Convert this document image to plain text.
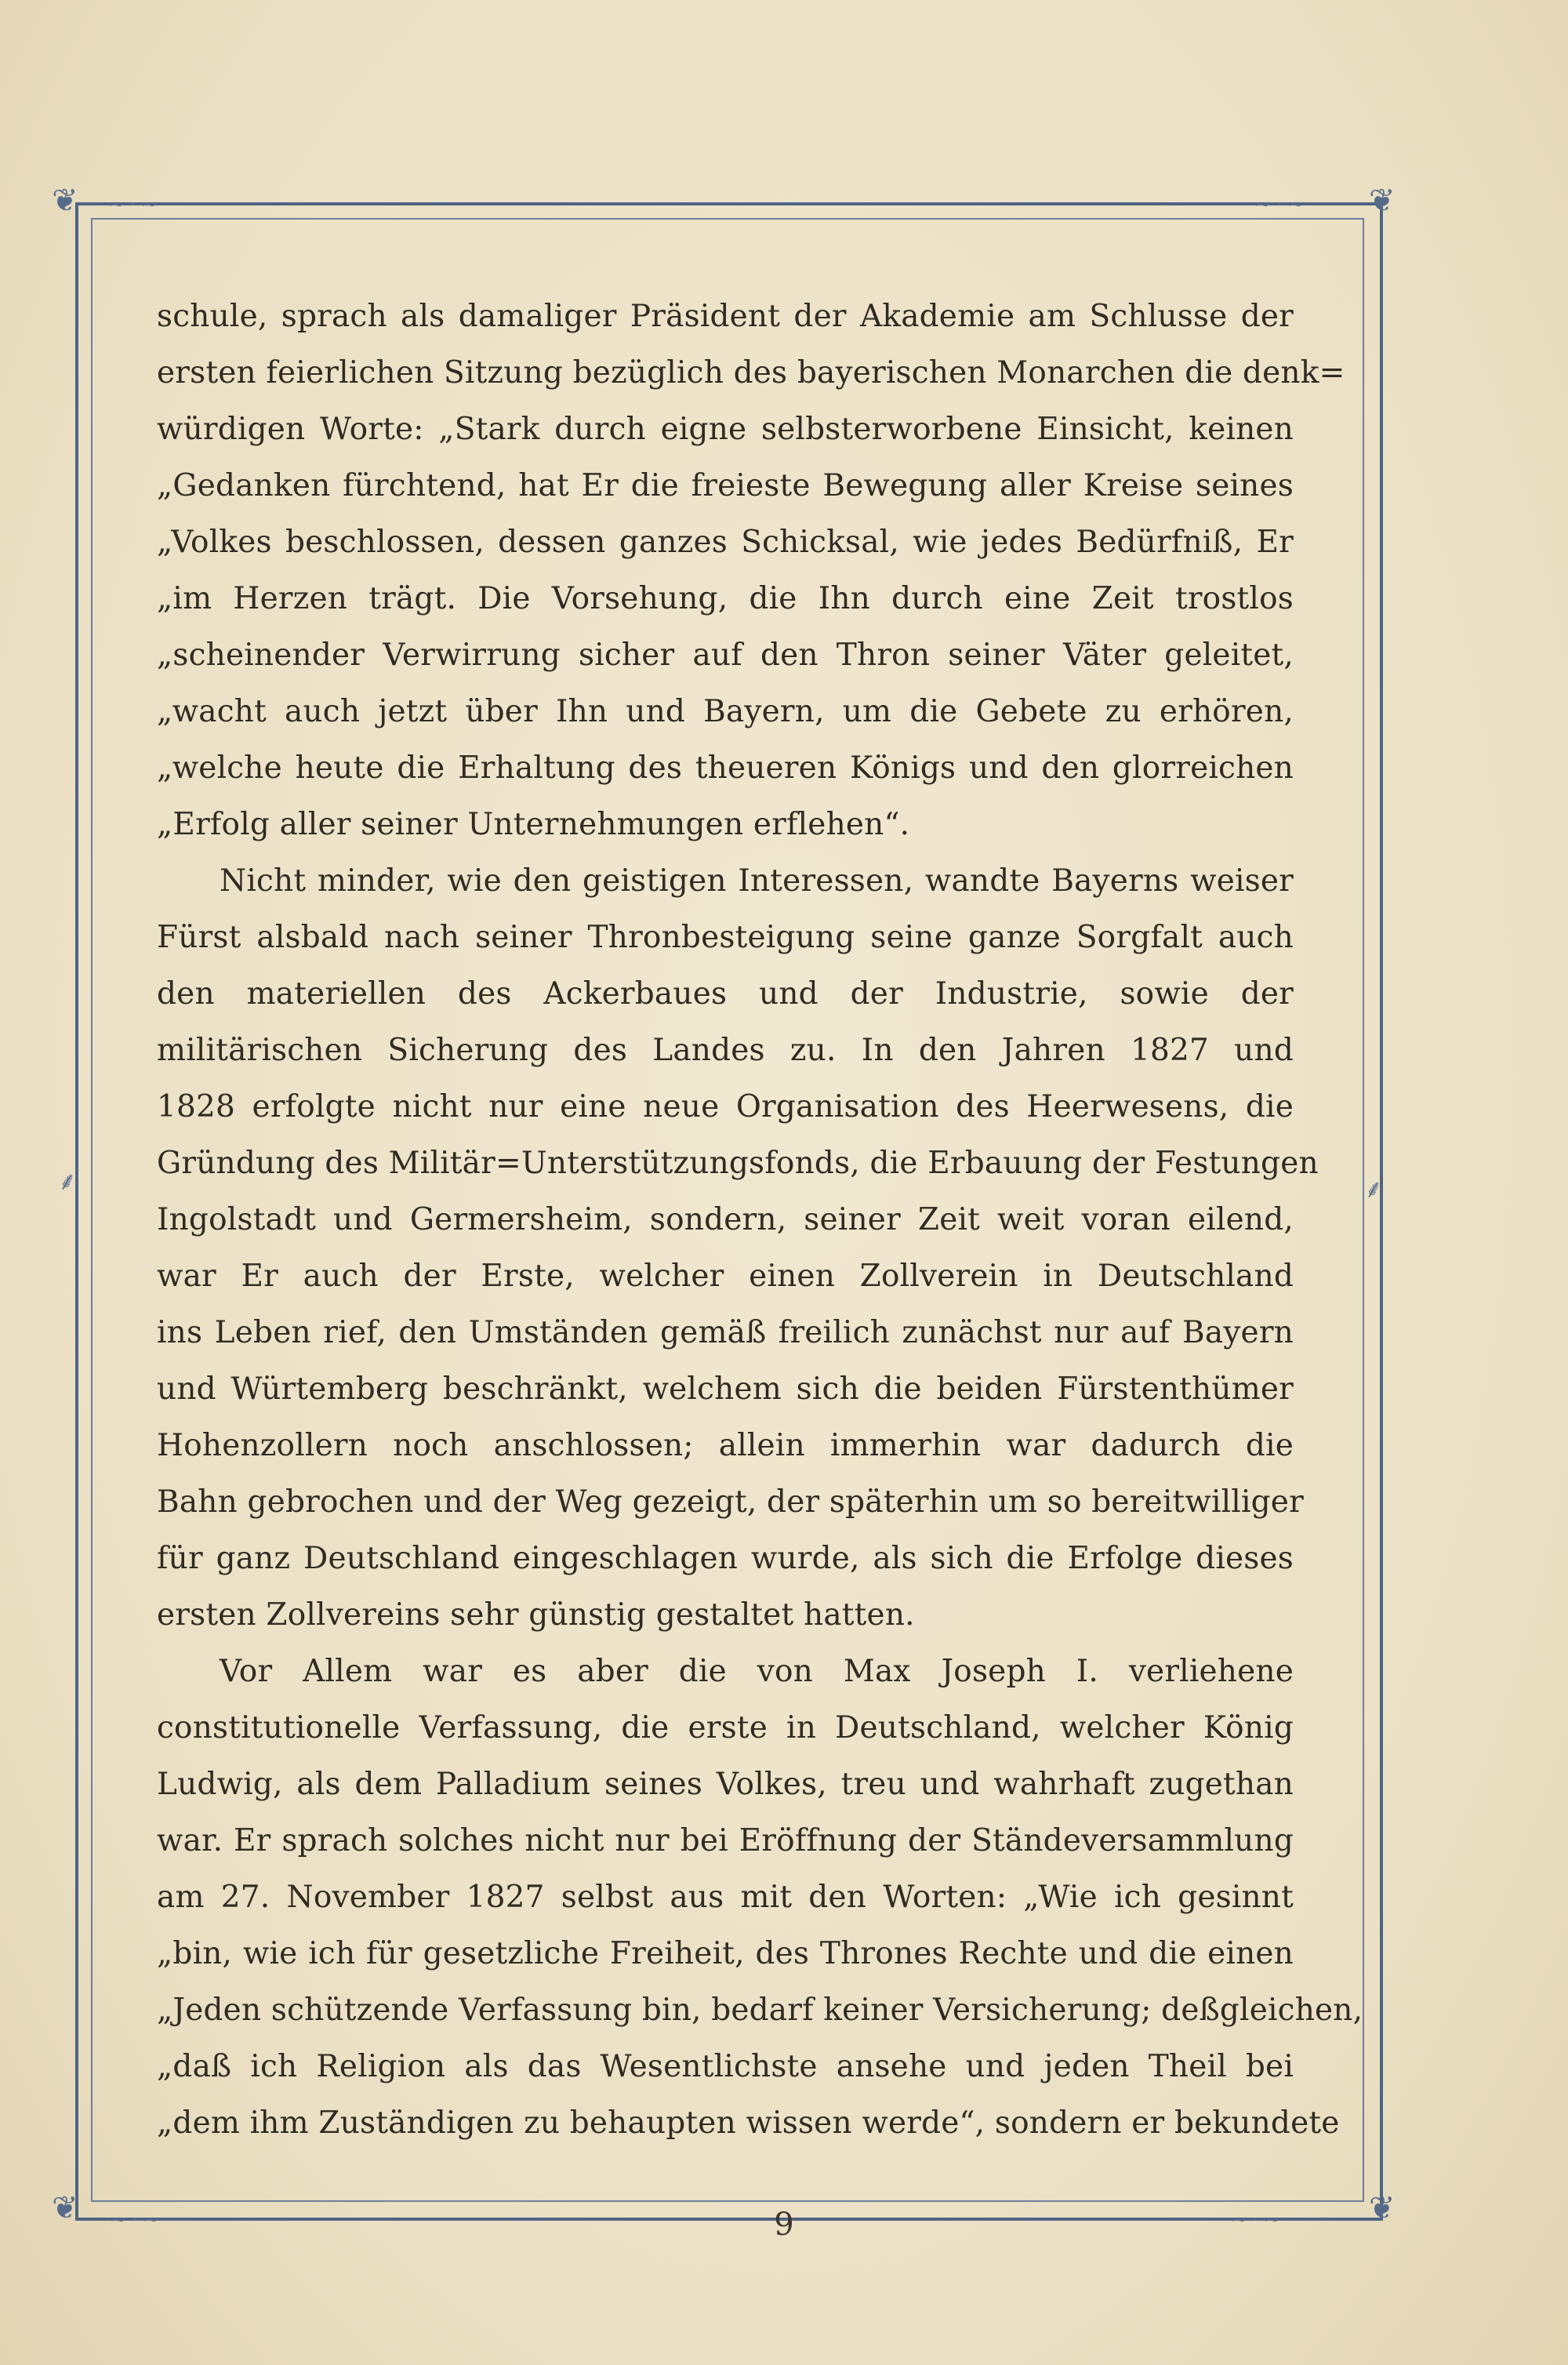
❦	❦
❦	❦
⸙	⸙
~·~	~·~
~·~	~·~
schule, sprach als damaliger Präsident der Akademie am Schlusse der
ersten feierlichen Sitzung bezüglich des bayerischen Monarchen die denk=
würdigen Worte: „Stark durch eigne selbsterworbene Einsicht, keinen
„Gedanken fürchtend, hat Er die freieste Bewegung aller Kreise seines
„Volkes beschlossen, dessen ganzes Schicksal, wie jedes Bedürfniß, Er
„im Herzen trägt. Die Vorsehung, die Ihn durch eine Zeit trostlos
„scheinender Verwirrung sicher auf den Thron seiner Väter geleitet,
„wacht auch jetzt über Ihn und Bayern, um die Gebete zu erhören,
„welche heute die Erhaltung des theueren Königs und den glorreichen
„Erfolg aller seiner Unternehmungen erflehen“.
Nicht minder, wie den geistigen Interessen, wandte Bayerns weiser
Fürst alsbald nach seiner Thronbesteigung seine ganze Sorgfalt auch
den materiellen des Ackerbaues und der Industrie, sowie der
militärischen Sicherung des Landes zu. In den Jahren 1827 und
1828 erfolgte nicht nur eine neue Organisation des Heerwesens, die
Gründung des Militär=Unterstützungsfonds, die Erbauung der Festungen
Ingolstadt und Germersheim, sondern, seiner Zeit weit voran eilend,
war Er auch der Erste, welcher einen Zollverein in Deutschland
ins Leben rief, den Umständen gemäß freilich zunächst nur auf Bayern
und Würtemberg beschränkt, welchem sich die beiden Fürstenthümer
Hohenzollern noch anschlossen; allein immerhin war dadurch die
Bahn gebrochen und der Weg gezeigt, der späterhin um so bereitwilliger
für ganz Deutschland eingeschlagen wurde, als sich die Erfolge dieses
ersten Zollvereins sehr günstig gestaltet hatten.
Vor Allem war es aber die von Max Joseph I. verliehene
constitutionelle Verfassung, die erste in Deutschland, welcher König
Ludwig, als dem Palladium seines Volkes, treu und wahrhaft zugethan
war. Er sprach solches nicht nur bei Eröffnung der Ständeversammlung
am 27. November 1827 selbst aus mit den Worten: „Wie ich gesinnt
„bin, wie ich für gesetzliche Freiheit, des Thrones Rechte und die einen
„Jeden schützende Verfassung bin, bedarf keiner Versicherung; deßgleichen,
„daß ich Religion als das Wesentlichste ansehe und jeden Theil bei
„dem ihm Zuständigen zu behaupten wissen werde“, sondern er bekundete
9
